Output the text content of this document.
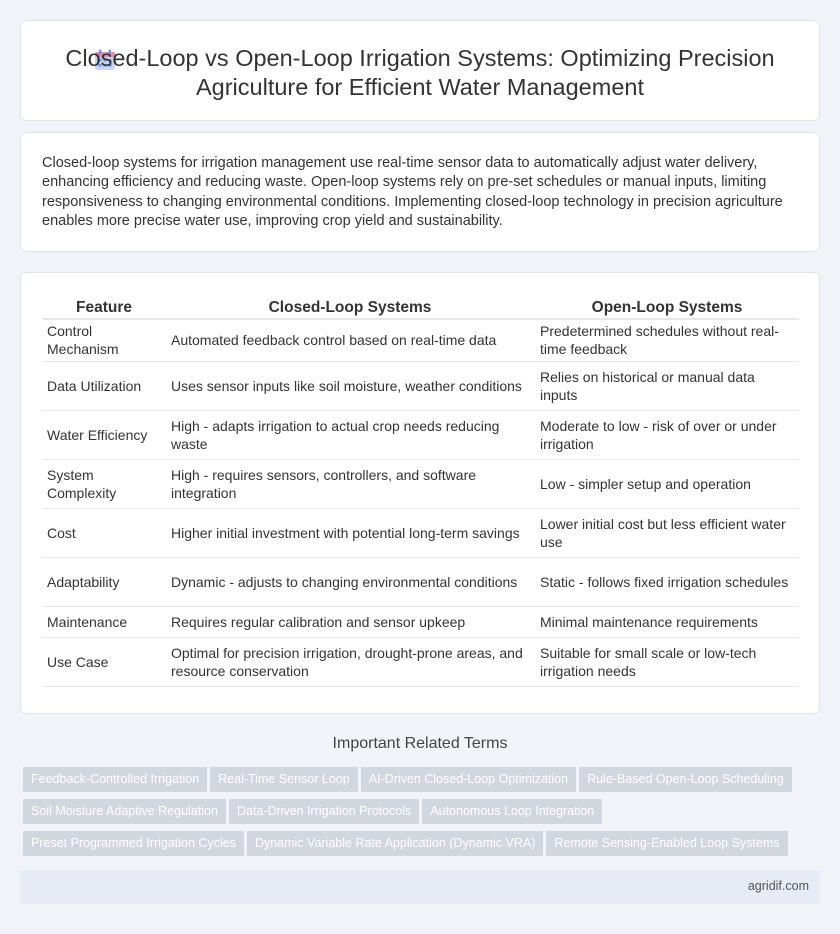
Closed-Loop vs Open-Loop Irrigation Systems: Optimizing Precision Agriculture for Efficient Water Management

Closed-loop systems for irrigation management use real-time sensor data to automatically adjust water delivery, enhancing efficiency and reducing waste. Open-loop systems rely on pre-set schedules or manual inputs, limiting responsiveness to changing environmental conditions. Implementing closed-loop technology in precision agriculture enables more precise water use, improving crop yield and sustainability.

Feature	Closed-Loop Systems	Open-Loop Systems
Control Mechanism	Automated feedback control based on real-time data	Predetermined schedules without real-time feedback
Data Utilization	Uses sensor inputs like soil moisture, weather conditions	Relies on historical or manual data inputs
Water Efficiency	High - adapts irrigation to actual crop needs reducing waste	Moderate to low - risk of over or under irrigation
System Complexity	High - requires sensors, controllers, and software integration	Low - simpler setup and operation
Cost	Higher initial investment with potential long-term savings	Lower initial cost but less efficient water use
Adaptability	Dynamic - adjusts to changing environmental conditions	Static - follows fixed irrigation schedules
Maintenance	Requires regular calibration and sensor upkeep	Minimal maintenance requirements
Use Case	Optimal for precision irrigation, drought-prone areas, and resource conservation	Suitable for small scale or low-tech irrigation needs
Important Related Terms
Feedback-Controlled Irrigation	Real-Time Sensor Loop	AI-Driven Closed-Loop Optimization	Rule-Based Open-Loop Scheduling
Soil Moisture Adaptive Regulation	Data-Driven Irrigation Protocols	Autonomous Loop Integration
Preset Programmed Irrigation Cycles	Dynamic Variable Rate Application (Dynamic VRA)	Remote Sensing-Enabled Loop Systems
agridif.com
